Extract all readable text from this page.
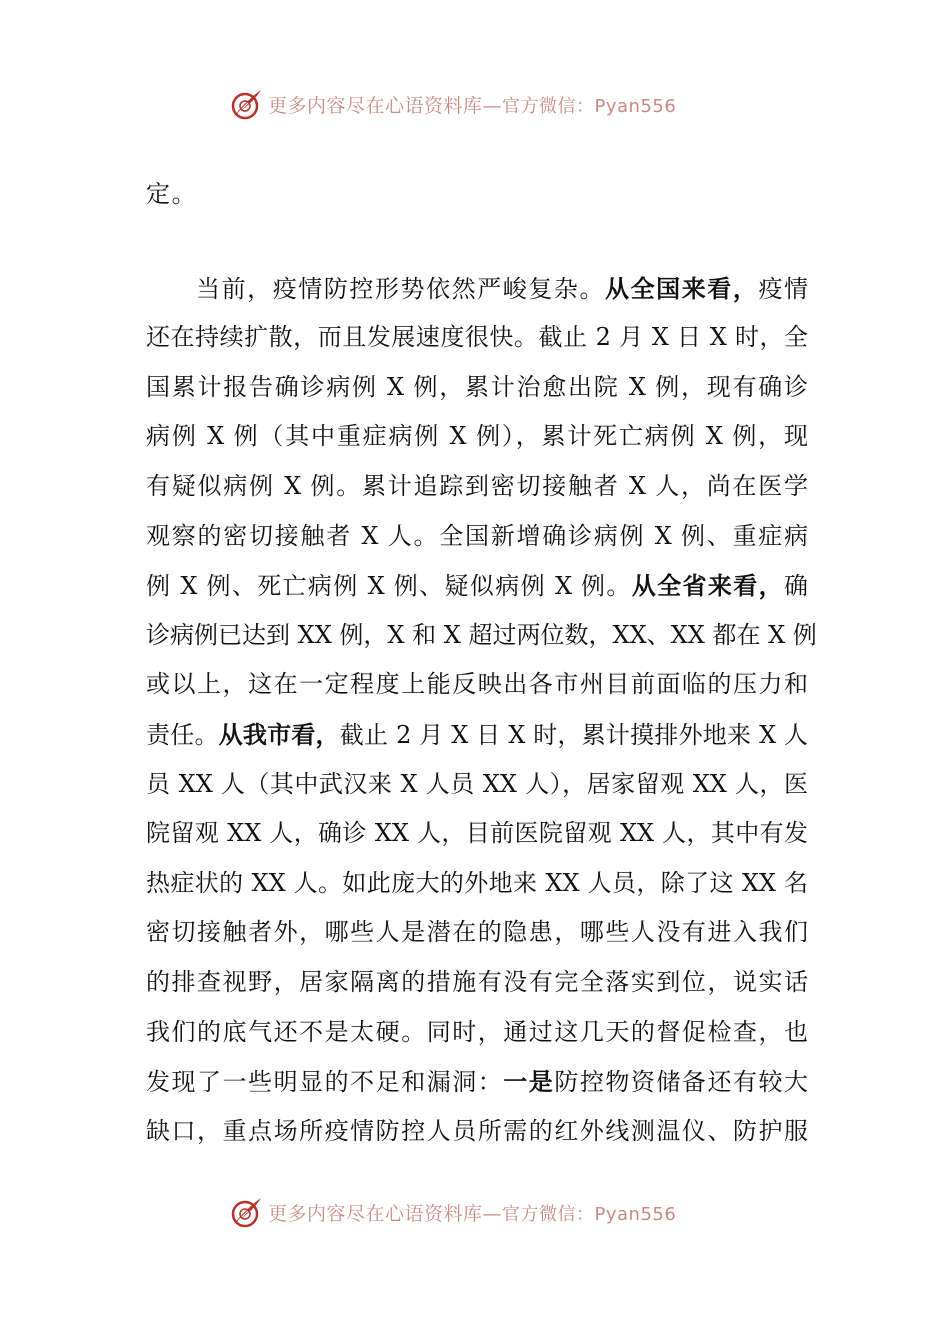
更多内容尽在心语资料库—官方微信：Pyan556
定。
当前，疫情防控形势依然严峻复杂。从全国来看，疫情
还在持续扩散，而且发展速度很快。截止 2 月 X 日 X 时，全
国累计报告确诊病例 X 例，累计治愈出院 X 例，现有确诊
病例 X 例（其中重症病例 X 例），累计死亡病例 X 例，现
有疑似病例 X 例。累计追踪到密切接触者 X 人，尚在医学
观察的密切接触者 X 人。全国新增确诊病例 X 例、重症病
例 X 例、死亡病例 X 例、疑似病例 X 例。从全省来看，确
诊病例已达到 XX 例，X 和 X 超过两位数，XX、XX 都在 X 例
或以上，这在一定程度上能反映出各市州目前面临的压力和
责任。从我市看，截止 2 月 X 日 X 时，累计摸排外地来 X 人
员 XX 人（其中武汉来 X 人员 XX 人），居家留观 XX 人，医
院留观 XX 人，确诊 XX 人，目前医院留观 XX 人，其中有发
热症状的 XX 人。如此庞大的外地来 XX 人员，除了这 XX 名
密切接触者外，哪些人是潜在的隐患，哪些人没有进入我们
的排查视野，居家隔离的措施有没有完全落实到位，说实话
我们的底气还不是太硬。同时，通过这几天的督促检查，也
发现了一些明显的不足和漏洞：一是防控物资储备还有较大
缺口，重点场所疫情防控人员所需的红外线测温仪、防护服
更多内容尽在心语资料库—官方微信：Pyan556
